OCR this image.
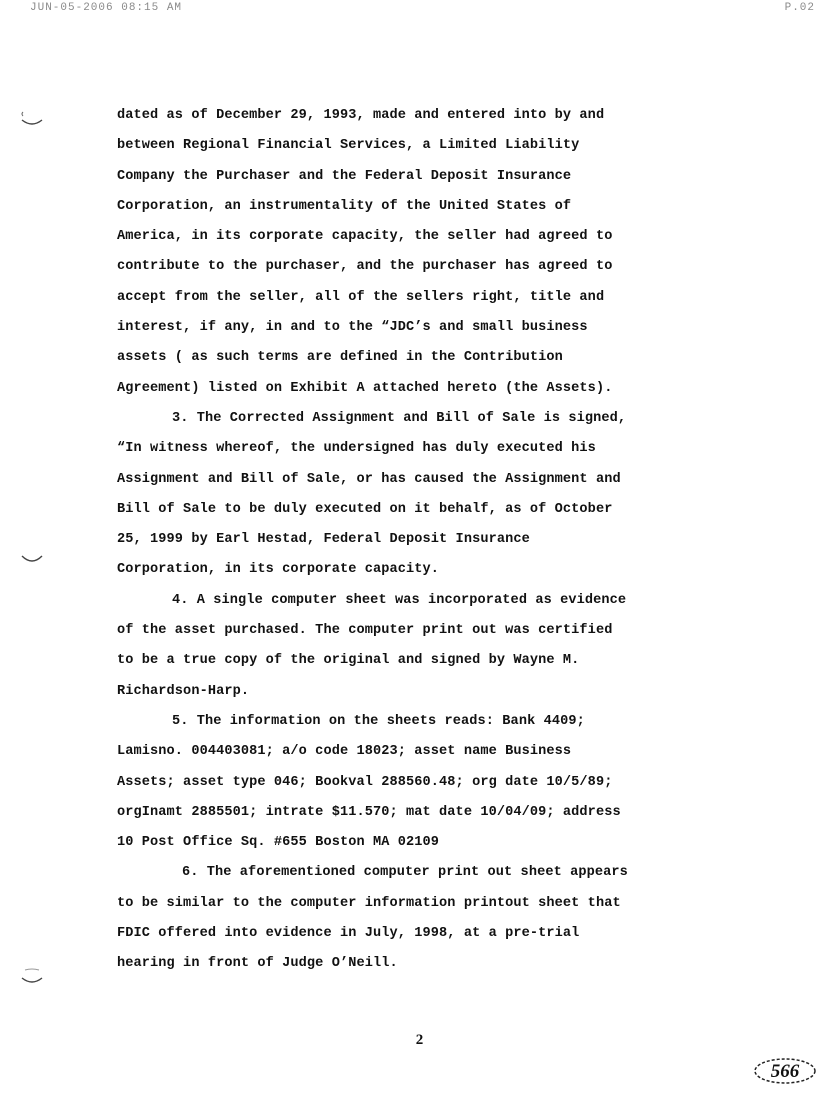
JUN-05-2006 08:15 AM	P.02
dated as of December 29, 1993, made and entered into by and
between Regional Financial Services, a Limited Liability
Company the Purchaser and the Federal Deposit Insurance
Corporation, an instrumentality of the United States of
America, in its corporate capacity, the seller had agreed to
contribute to the purchaser, and the purchaser has agreed to
accept from the seller, all of the sellers right, title and
interest, if any, in and to the “JDC’s and small business
assets ( as such terms are defined in the Contribution
Agreement) listed on Exhibit A attached hereto (the Assets).
3. The Corrected Assignment and Bill of Sale is signed,
“In witness whereof, the undersigned has duly executed his
Assignment and Bill of Sale, or has caused the Assignment and
Bill of Sale to be duly executed on it behalf, as of October
25, 1999 by Earl Hestad, Federal Deposit Insurance
Corporation, in its corporate capacity.
4. A single computer sheet was incorporated as evidence
of the asset purchased. The computer print out was certified
to be a true copy of the original and signed by Wayne M.
Richardson-Harp.
5. The information on the sheets reads: Bank 4409;
Lamisno. 004403081; a/o code 18023; asset name Business
Assets; asset type 046; Bookval 288560.48; org date 10/5/89;
orgInamt 2885501; intrate $11.570; mat date 10/04/09; address
10 Post Office Sq. #655 Boston MA 02109
6. The aforementioned computer print out sheet appears
to be similar to the computer information printout sheet that
FDIC offered into evidence in July, 1998, at a pre-trial
hearing in front of Judge O’Neill.
2
566
